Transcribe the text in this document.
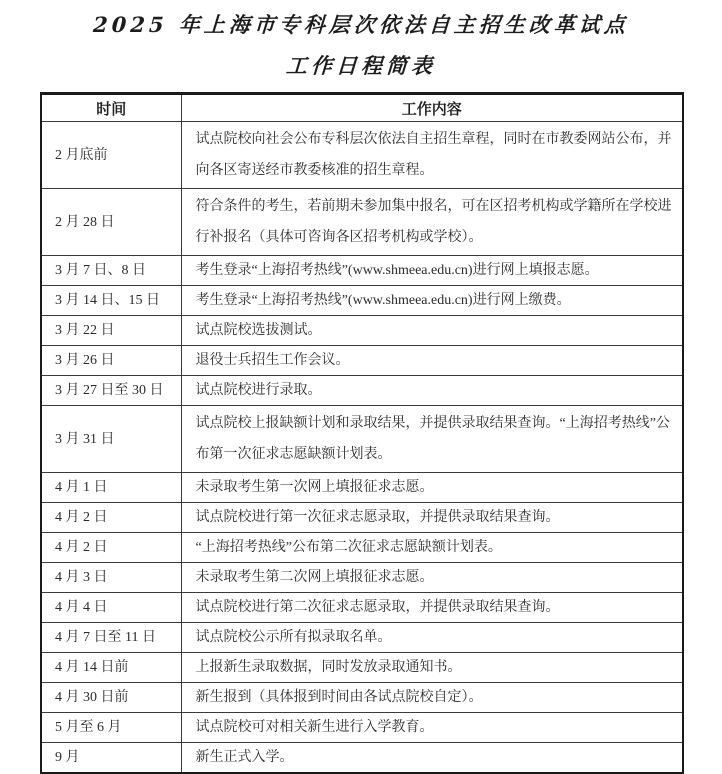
2025 年上海市专科层次依法自主招生改革试点
工作日程简表
时间	工作内容
2 月底前	试点院校向社会公布专科层次依法自主招生章程，同时在市教委网站公布，并向各区寄送经市教委核准的招生章程。
2 月 28 日	符合条件的考生，若前期未参加集中报名，可在区招考机构或学籍所在学校进行补报名（具体可咨询各区招考机构或学校）。
3 月 7 日、8 日	考生登录“上海招考热线”(www.shmeea.edu.cn)进行网上填报志愿。
3 月 14 日、15 日	考生登录“上海招考热线”(www.shmeea.edu.cn)进行网上缴费。
3 月 22 日	试点院校选拔测试。
3 月 26 日	退役士兵招生工作会议。
3 月 27 日至 30 日	试点院校进行录取。
3 月 31 日	试点院校上报缺额计划和录取结果，并提供录取结果查询。“上海招考热线”公布第一次征求志愿缺额计划表。
4 月 1 日	未录取考生第一次网上填报征求志愿。
4 月 2 日	试点院校进行第一次征求志愿录取，并提供录取结果查询。
4 月 2 日	“上海招考热线”公布第二次征求志愿缺额计划表。
4 月 3 日	未录取考生第二次网上填报征求志愿。
4 月 4 日	试点院校进行第二次征求志愿录取，并提供录取结果查询。
4 月 7 日至 11 日	试点院校公示所有拟录取名单。
4 月 14 日前	上报新生录取数据，同时发放录取通知书。
4 月 30 日前	新生报到（具体报到时间由各试点院校自定）。
5 月至 6 月	试点院校可对相关新生进行入学教育。
9 月	新生正式入学。
